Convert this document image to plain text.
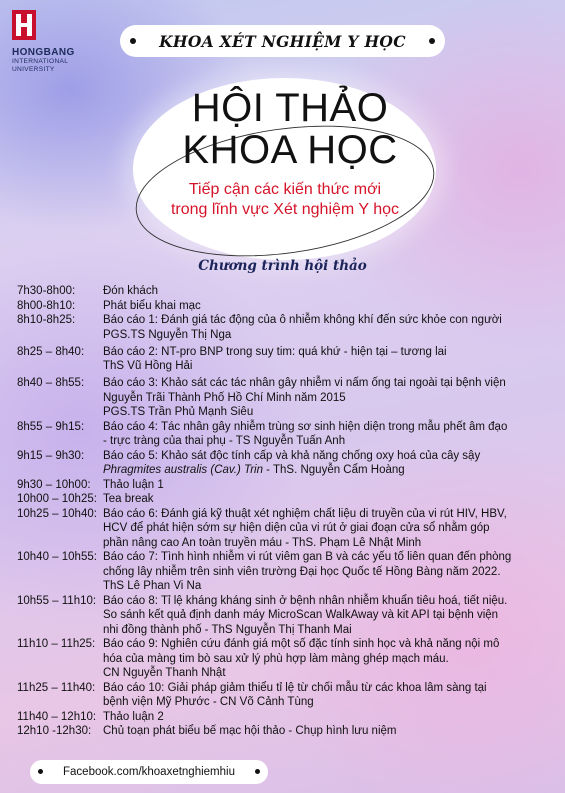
HONGBANG
INTERNATIONAL
UNIVERSITY
KHOA XÉT NGHIỆM Y HỌC
HỘI THẢO
KHOA HỌC
Tiếp cận các kiến thức mới
trong lĩnh vực Xét nghiệm Y học
Chương trình hội thảo
7h30-8h00:	Đón khách
8h00-8h10:	Phát biểu khai mạc
8h10-8h25:	Báo cáo 1: Đánh giá tác động của ô nhiễm không khí đến sức khỏe con người
PGS.TS Nguyễn Thị Nga
8h25 – 8h40:	Báo cáo 2: NT-pro BNP trong suy tim: quá khứ - hiện tại – tương lai
ThS Vũ Hồng Hải
8h40 – 8h55:	Báo cáo 3: Khảo sát các tác nhân gây nhiễm vi nấm ống tai ngoài tại bệnh viện
Nguyễn Trãi Thành Phố Hồ Chí Minh năm 2015
PGS.TS Trần Phủ Mạnh Siêu
8h55 – 9h15:	Báo cáo 4: Tác nhân gây nhiễm trùng sơ sinh hiện diện trong mẫu phết âm đạo
- trực tràng của thai phụ - TS Nguyễn Tuấn Anh
9h15 – 9h30:	Báo cáo 5: Khảo sát độc tính cấp và khả năng chống oxy hoá của cây sậy
Phragmites australis (Cav.) Trin - ThS. Nguyễn Cẩm Hoàng
9h30 – 10h00:	Thảo luận 1
10h00 – 10h25: Tea break
10h25 – 10h40: Báo cáo 6: Đánh giá kỹ thuật xét nghiệm chất liệu di truyền của vi rút HIV, HBV,
HCV để phát hiện sớm sự hiện diện của vi rút ở giai đoạn cửa sổ nhằm góp
phần nâng cao An toàn truyền máu - ThS. Phạm Lê Nhật Minh
10h40 – 10h55: Báo cáo 7: Tình hình nhiễm vi rút viêm gan B và các yếu tố liên quan đến phòng
chống lây nhiễm trên sinh viên trường Đại học Quốc tế Hồng Bàng năm 2022.
ThS Lê Phan Vi Na
10h55 – 11h10: Báo cáo 8: Tỉ lệ kháng kháng sinh ở bệnh nhân nhiễm khuẩn tiêu hoá, tiết niệu.
So sánh kết quả định danh máy MicroScan WalkAway và kit API tại bệnh viện
nhi đồng thành phố - ThS Nguyễn Thị Thanh Mai
11h10 – 11h25: Báo cáo 9: Nghiên cứu đánh giá một số đặc tính sinh học và khả năng nội mô
hóa của màng tim bò sau xử lý phù hợp làm màng ghép mạch máu.
CN Nguyễn Thanh Nhật
11h25 – 11h40: Báo cáo 10: Giải pháp giảm thiểu tỉ lệ từ chối mẫu từ các khoa lâm sàng tại
bệnh viện Mỹ Phước - CN Võ Cảnh Tùng
11h40 – 12h10: Thảo luận 2
12h10 -12h30:	Chủ toạn phát biểu bế mạc hội thảo - Chụp hình lưu niệm
Facebook.com/khoaxetnghiemhiu
